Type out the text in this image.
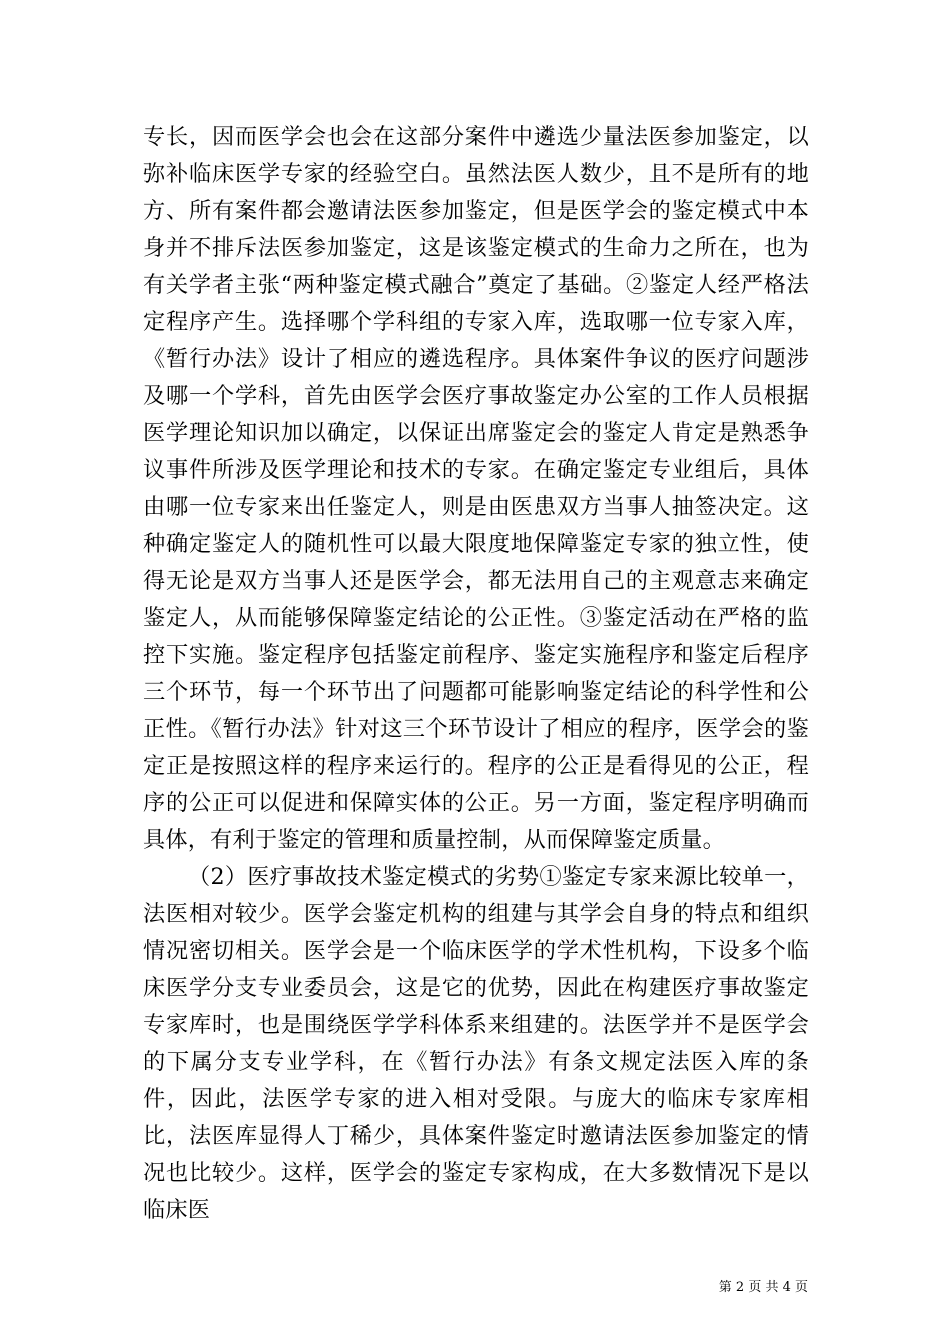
专长，因而医学会也会在这部分案件中遴选少量法医参加鉴定，以弥补临床医学专家的经验空白。虽然法医人数少，且不是所有的地方、所有案件都会邀请法医参加鉴定，但是医学会的鉴定模式中本身并不排斥法医参加鉴定，这是该鉴定模式的生命力之所在，也为有关学者主张“两种鉴定模式融合”奠定了基础。②鉴定人经严格法定程序产生。选择哪个学科组的专家入库，选取哪一位专家入库，《暂行办法》设计了相应的遴选程序。具体案件争议的医疗问题涉及哪一个学科，首先由医学会医疗事故鉴定办公室的工作人员根据医学理论知识加以确定，以保证出席鉴定会的鉴定人肯定是熟悉争议事件所涉及医学理论和技术的专家。在确定鉴定专业组后，具体由哪一位专家来出任鉴定人，则是由医患双方当事人抽签决定。这种确定鉴定人的随机性可以最大限度地保障鉴定专家的独立性，使得无论是双方当事人还是医学会，都无法用自己的主观意志来确定鉴定人，从而能够保障鉴定结论的公正性。③鉴定活动在严格的监控下实施。鉴定程序包括鉴定前程序、鉴定实施程序和鉴定后程序三个环节，每一个环节出了问题都可能影响鉴定结论的科学性和公正性。《暂行办法》针对这三个环节设计了相应的程序，医学会的鉴定正是按照这样的程序来运行的。程序的公正是看得见的公正，程序的公正可以促进和保障实体的公正。另一方面，鉴定程序明确而具体，有利于鉴定的管理和质量控制，从而保障鉴定质量。

（2）医疗事故技术鉴定模式的劣势①鉴定专家来源比较单一，法医相对较少。医学会鉴定机构的组建与其学会自身的特点和组织情况密切相关。医学会是一个临床医学的学术性机构，下设多个临床医学分支专业委员会，这是它的优势，因此在构建医疗事故鉴定专家库时，也是围绕医学学科体系来组建的。法医学并不是医学会的下属分支专业学科，在《暂行办法》有条文规定法医入库的条件，因此，法医学专家的进入相对受限。与庞大的临床专家库相比，法医库显得人丁稀少，具体案件鉴定时邀请法医参加鉴定的情况也比较少。这样，医学会的鉴定专家构成，在大多数情况下是以临床医

第 2 页 共 4 页
